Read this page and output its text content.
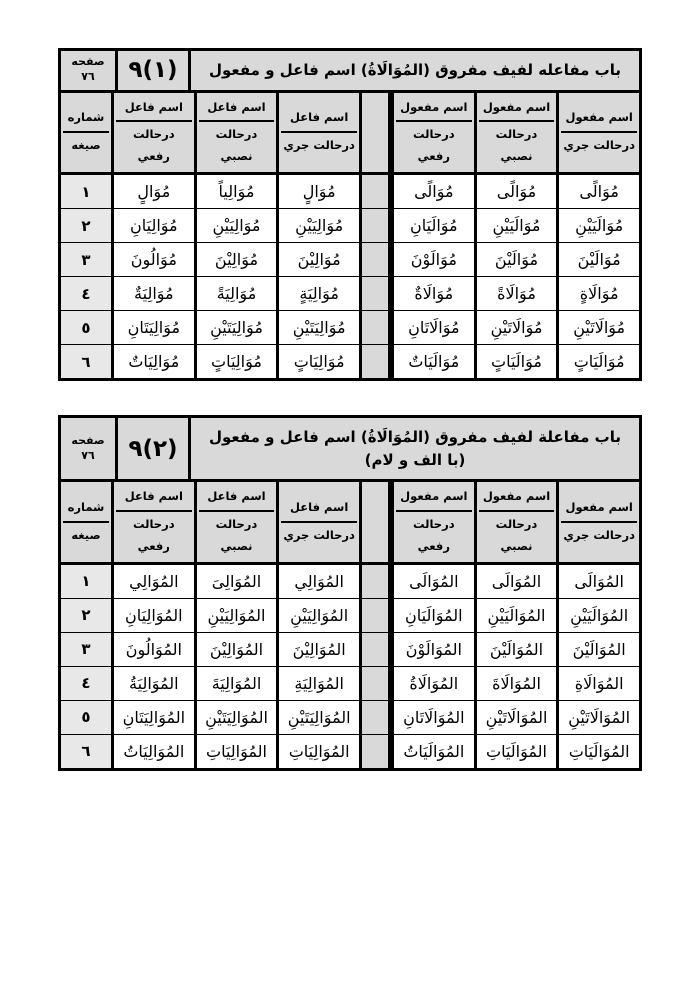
باب مفاعله لفيف مفروق (المُوَالَاةُ) اسم فاعل و مفعول
(١)٩
صفحه
٧٦
اسم مفعول
درحالت جري
اسم مفعول
درحالت نصبي
اسم مفعول
درحالت رفعي
اسم فاعل
درحالت جري
اسم فاعل
درحالت نصبي
اسم فاعل
درحالت رفعي
شماره
صيغه
مُوَالًى
مُوَالًى
مُوَالًى
مُوَالٍ
مُوَالِياً
مُوَالٍ
١
مُوَالَيَيْنِ
مُوَالَيَيْنِ
مُوَالَيَانِ
مُوَالِيَيْنِ
مُوَالِيَيْنِ
مُوَالِيَانِ
٢
مُوَالَيْنَ
مُوَالَيْنَ
مُوَالَوْنَ
مُوَالِيْنَ
مُوَالِيْنَ
مُوَالُونَ
٣
مُوَالَاةٍ
مُوَالَاةً
مُوَالَاةٌ
مُوَالِيَةٍ
مُوَالِيَةً
مُوَالِيَةٌ
٤
مُوَالَاتَيْنِ
مُوَالَاتَيْنِ
مُوَالَاتَانِ
مُوَالِيَتَيْنِ
مُوَالِيَتَيْنِ
مُوَالِيَتَانِ
٥
مُوَالَيَاتٍ
مُوَالَيَاتٍ
مُوَالَيَاتٌ
مُوَالِيَاتٍ
مُوَالِيَاتٍ
مُوَالِيَاتٌ
٦
باب مفاعلة لفيف مفروق (المُوَالَاةُ) اسم فاعل و مفعول (با الف و لام)
(٢)٩
صفحه
٧٦
اسم مفعول
درحالت جري
اسم مفعول
درحالت نصبي
اسم مفعول
درحالت رفعي
اسم فاعل
درحالت جري
اسم فاعل
درحالت نصبي
اسم فاعل
درحالت رفعي
شماره
صيغه
المُوَالَى
المُوَالَى
المُوَالَى
المُوَالِي
المُوَالِىَ
المُوَالِي
١
المُوَالَيَيْنِ
المُوَالَيَيْنِ
المُوَالَيَانِ
المُوَالِيَيْنِ
المُوَالِيَيْنِ
المُوَالِيَانِ
٢
المُوَالَيْنَ
المُوَالَيْنَ
المُوَالَوْنَ
المُوَالِيْنَ
المُوَالِيْنَ
المُوَالُونَ
٣
المُوَالَاةِ
المُوَالَاةَ
المُوَالَاةُ
المُوَالِيَةِ
المُوَالِيَةَ
المُوَالِيَةُ
٤
المُوَالَاتَيْنِ
المُوَالَاتَيْنِ
المُوَالَاتَانِ
المُوَالِيَتَيْنِ
المُوَالِيَتَيْنِ
المُوَالِيَتَانِ
٥
المُوَالَيَاتِ
المُوَالَيَاتِ
المُوَالَيَاتُ
المُوَالِيَاتِ
المُوَالِيَاتِ
المُوَالِيَاتُ
٦
